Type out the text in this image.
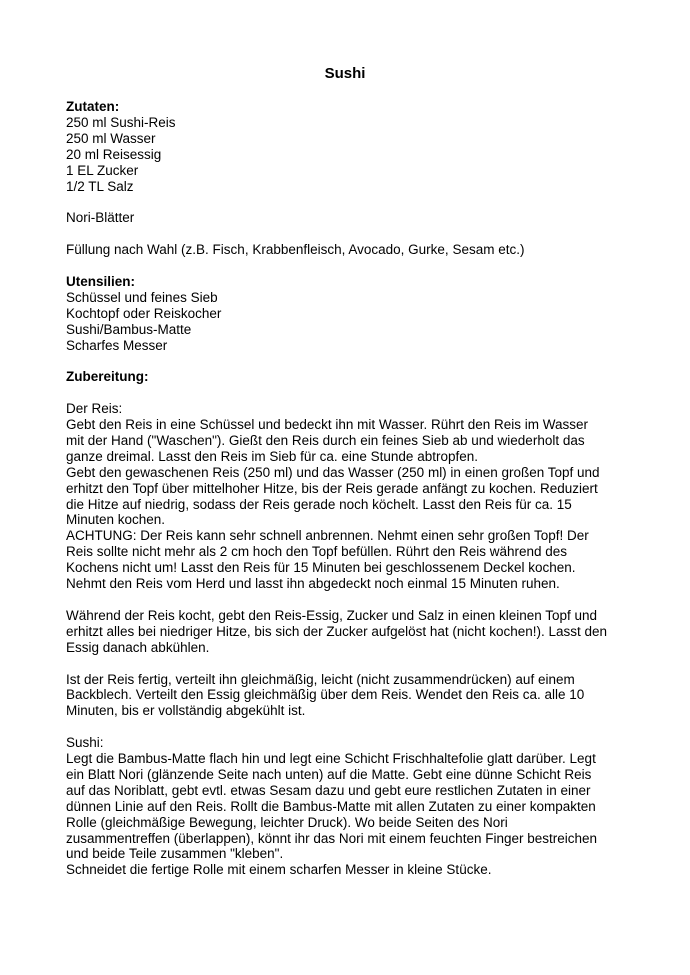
Sushi
Zutaten:
250 ml Sushi-Reis
250 ml Wasser
20 ml Reisessig
1 EL Zucker
1/2 TL Salz
Nori-Blätter
Füllung nach Wahl (z.B. Fisch, Krabbenfleisch, Avocado, Gurke, Sesam etc.)
Utensilien:
Schüssel und feines Sieb
Kochtopf oder Reiskocher
Sushi/Bambus-Matte
Scharfes Messer
Zubereitung:
Der Reis:
Gebt den Reis in eine Schüssel und bedeckt ihn mit Wasser. Rührt den Reis im Wasser
mit der Hand ("Waschen"). Gießt den Reis durch ein feines Sieb ab und wiederholt das
ganze dreimal. Lasst den Reis im Sieb für ca. eine Stunde abtropfen.
Gebt den gewaschenen Reis (250 ml) und das Wasser (250 ml) in einen großen Topf und
erhitzt den Topf über mittelhoher Hitze, bis der Reis gerade anfängt zu kochen. Reduziert
die Hitze auf niedrig, sodass der Reis gerade noch köchelt. Lasst den Reis für ca. 15
Minuten kochen.
ACHTUNG: Der Reis kann sehr schnell anbrennen. Nehmt einen sehr großen Topf! Der
Reis sollte nicht mehr als 2 cm hoch den Topf befüllen. Rührt den Reis während des
Kochens nicht um! Lasst den Reis für 15 Minuten bei geschlossenem Deckel kochen.
Nehmt den Reis vom Herd und lasst ihn abgedeckt noch einmal 15 Minuten ruhen.
Während der Reis kocht, gebt den Reis-Essig, Zucker und Salz in einen kleinen Topf und
erhitzt alles bei niedriger Hitze, bis sich der Zucker aufgelöst hat (nicht kochen!). Lasst den
Essig danach abkühlen.
Ist der Reis fertig, verteilt ihn gleichmäßig, leicht (nicht zusammendrücken) auf einem
Backblech. Verteilt den Essig gleichmäßig über dem Reis. Wendet den Reis ca. alle 10
Minuten, bis er vollständig abgekühlt ist.
Sushi:
Legt die Bambus-Matte flach hin und legt eine Schicht Frischhaltefolie glatt darüber. Legt
ein Blatt Nori (glänzende Seite nach unten) auf die Matte. Gebt eine dünne Schicht Reis
auf das Noriblatt, gebt evtl. etwas Sesam dazu und gebt eure restlichen Zutaten in einer
dünnen Linie auf den Reis. Rollt die Bambus-Matte mit allen Zutaten zu einer kompakten
Rolle (gleichmäßige Bewegung, leichter Druck). Wo beide Seiten des Nori
zusammentreffen (überlappen), könnt ihr das Nori mit einem feuchten Finger bestreichen
und beide Teile zusammen "kleben".
Schneidet die fertige Rolle mit einem scharfen Messer in kleine Stücke.
